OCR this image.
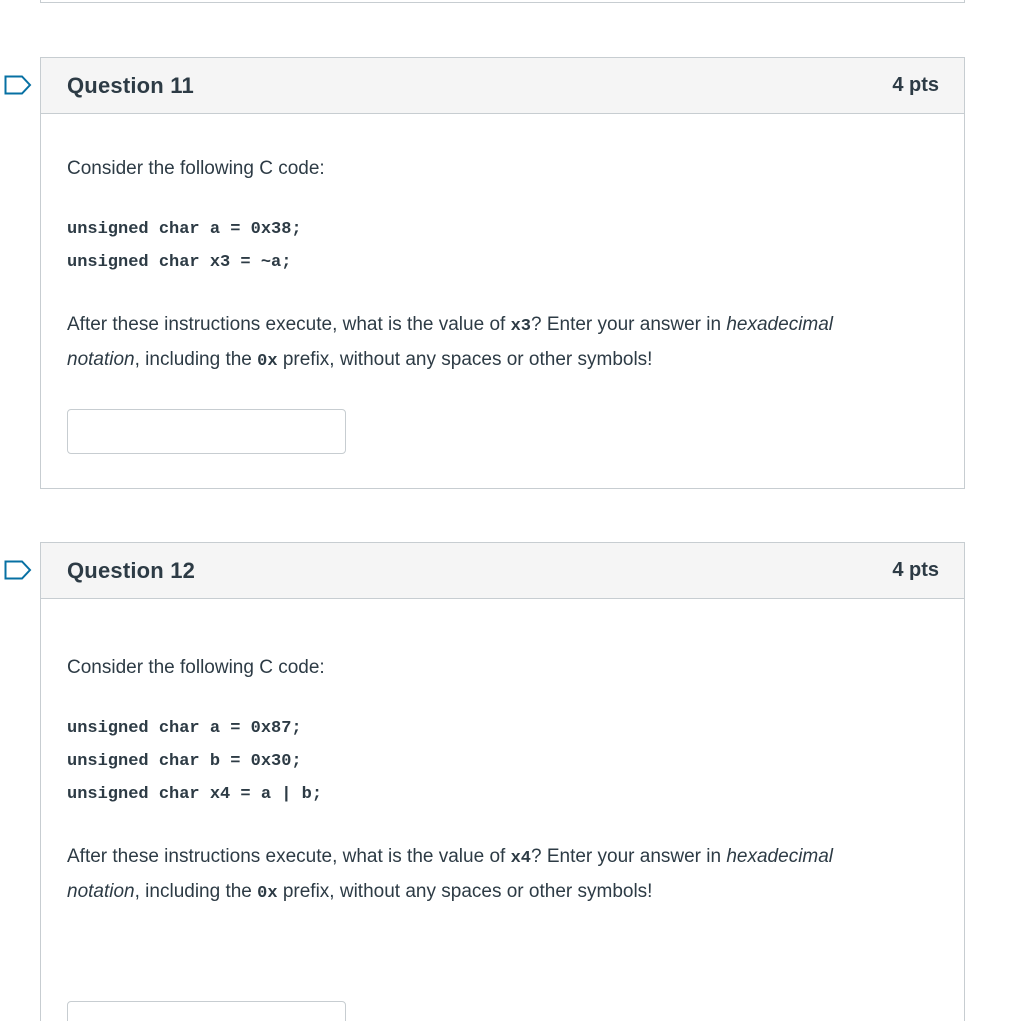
Question 11	4 pts

Consider the following C code:

unsigned char a = 0x38;
unsigned char x3 = ~a;

After these instructions execute, what is the value of x3? Enter your answer in hexadecimal
notation, including the 0x prefix, without any spaces or other symbols!

Question 12	4 pts

Consider the following C code:

unsigned char a = 0x87;
unsigned char b = 0x30;
unsigned char x4 = a | b;

After these instructions execute, what is the value of x4? Enter your answer in hexadecimal
notation, including the 0x prefix, without any spaces or other symbols!
